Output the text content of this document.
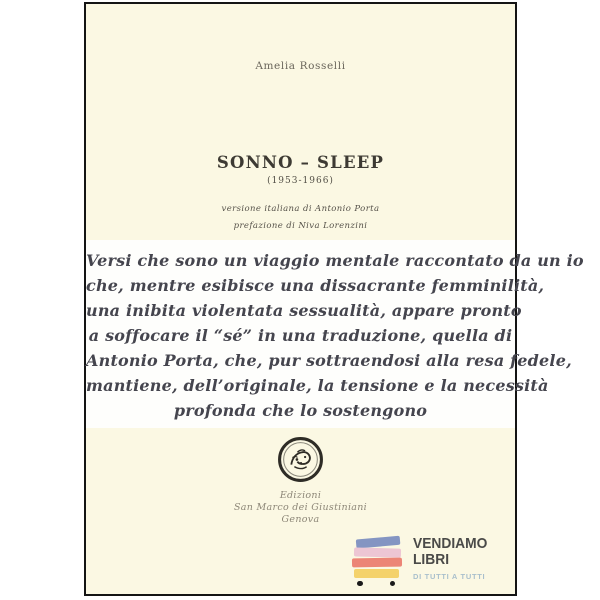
Amelia Rosselli
SONNO – SLEEP
(1953-1966)
versione italiana di Antonio Porta
prefazione di Niva Lorenzini
Versi che sono un viaggio mentale raccontato da un io
che, mentre esibisce una dissacrante femminilità,
una inibita violentata sessualità, appare pronto
a soffocare il “sé” in una traduzione, quella di
Antonio Porta, che, pur sottraendosi alla resa fedele,
mantiene, dell’originale, la tensione e la necessità
profonda che lo sostengono
Edizioni
San Marco dei Giustiniani
Genova
VENDIAMO
LIBRI
DI TUTTI A TUTTI
